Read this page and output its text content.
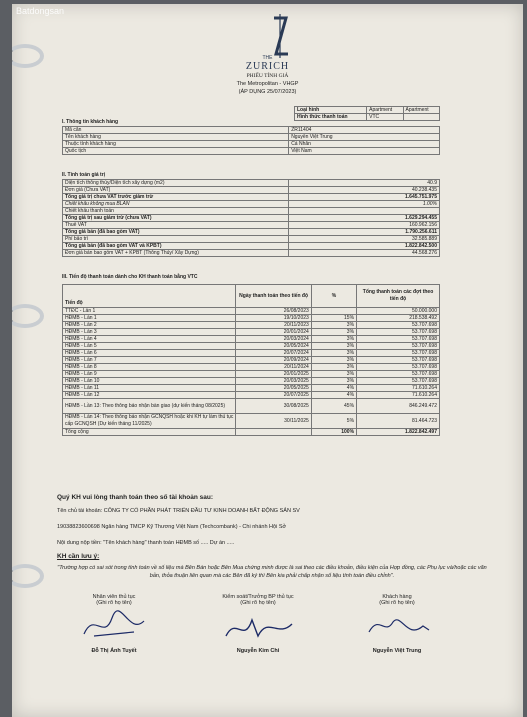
Batdongsan
THE
ZURICH
PHIẾU TÍNH GIÁ
The Metropolitan - VHGP
(ÁP DỤNG 25/07/2023)
Loại hình	Apartment	Apartment
Hình thức thanh toán	VTC	
I. Thông tin khách hàng
Mã căn	ZR11404
Tên khách hàng	Nguyễn Việt Trung
Thuộc tính khách hàng	Cá Nhân
Quốc tịch	Việt Nam
II. Tính toán giá trị
Diện tích thông thủy/Diện tích xây dựng (m2)	40.9
Đơn giá (Chưa VAT)	40.238.435
Tổng giá trị chưa VAT trước giảm trừ	1.645.751.975
Chiết khấu không mua BLAN	1.00%
Chiết khấu thanh toán	
Tổng giá trị sau giảm trừ (chưa VAT)	1.629.294.455
Thuế VAT	160.962.156
Tổng giá bán (đã bao gồm VAT)	1.790.256.611
Phí bảo trì	32.585.889
Tổng giá bán (đã bao gồm VAT và KPBT)	1.822.842.500
Đơn giá bán bao gồm VAT + KPBT (Thông Thủy/ Xây Dựng)	44.568.276
III. Tiến độ thanh toán dành cho KH thanh toán bằng VTC
Tiến độ	Ngày thanh toán theo tiến độ	%	Tổng thanh toán các đợt theo tiến độ
TTĐC - Lần 1	26/08/2023		50.000.000
HĐMB - Lần 1	19/10/2023	15%	218.538.492
HĐMB - Lần 2	20/11/2023	3%	53.707.698
HĐMB - Lần 3	20/01/2024	3%	53.707.698
HĐMB - Lần 4	20/03/2024	3%	53.707.698
HĐMB - Lần 5	20/05/2024	3%	53.707.698
HĐMB - Lần 6	20/07/2024	3%	53.707.698
HĐMB - Lần 7	20/09/2024	3%	53.707.698
HĐMB - Lần 8	20/11/2024	3%	53.707.698
HĐMB - Lần 9	20/01/2025	3%	53.707.698
HĐMB - Lần 10	20/03/2025	3%	53.707.698
HĐMB - Lần 11	20/05/2025	4%	71.610.264
HĐMB - Lần 12	20/07/2025	4%	71.610.264
HĐMB - Lần 13: Theo thông báo nhận bàn giao (dự kiến tháng 08/2025)	30/08/2025	45%	846.249.472
HĐMB - Lần 14: Theo thông báo nhận GCNQSH hoặc khi KH tự làm thủ tục cấp GCNQSH (Dự kiến tháng 11/2025)	30/11/2025	5%	81.464.723
Tổng cộng		100%	1.822.842.497
Quý KH vui lòng thanh toán theo số tài khoản sau:
Tên chủ tài khoản: CÔNG TY CỔ PHẦN PHÁT TRIỂN ĐẦU TƯ KINH DOANH BẤT ĐỘNG SẢN SV
19038823600698 Ngân hàng TMCP Kỹ Thương Việt Nam (Techcombank) - Chi nhánh Hội Sở
Nội dung nộp tiền: "Tên khách hàng" thanh toán HĐMB số ..... Dự án .....
KH cần lưu ý:
"Trường hợp có sai sót trong tính toán về số liệu mà Bên Bán hoặc Bên Mua chứng minh được là sai theo các điều khoản, điều kiện của Hợp đồng, các Phụ lục và/hoặc các văn bản, thỏa thuận liên quan mà các Bên đã ký thì Bên kia phải chấp nhận số liệu tính toán điều chỉnh".
Nhân viên thủ tục
(Ghi rõ họ tên)
Đỗ Thị Ánh Tuyết
Kiểm soát/Trưởng BP thủ tục
(Ghi rõ họ tên)
Nguyễn Kim Chi
Khách hàng
(Ghi rõ họ tên)
Nguyễn Việt Trung
